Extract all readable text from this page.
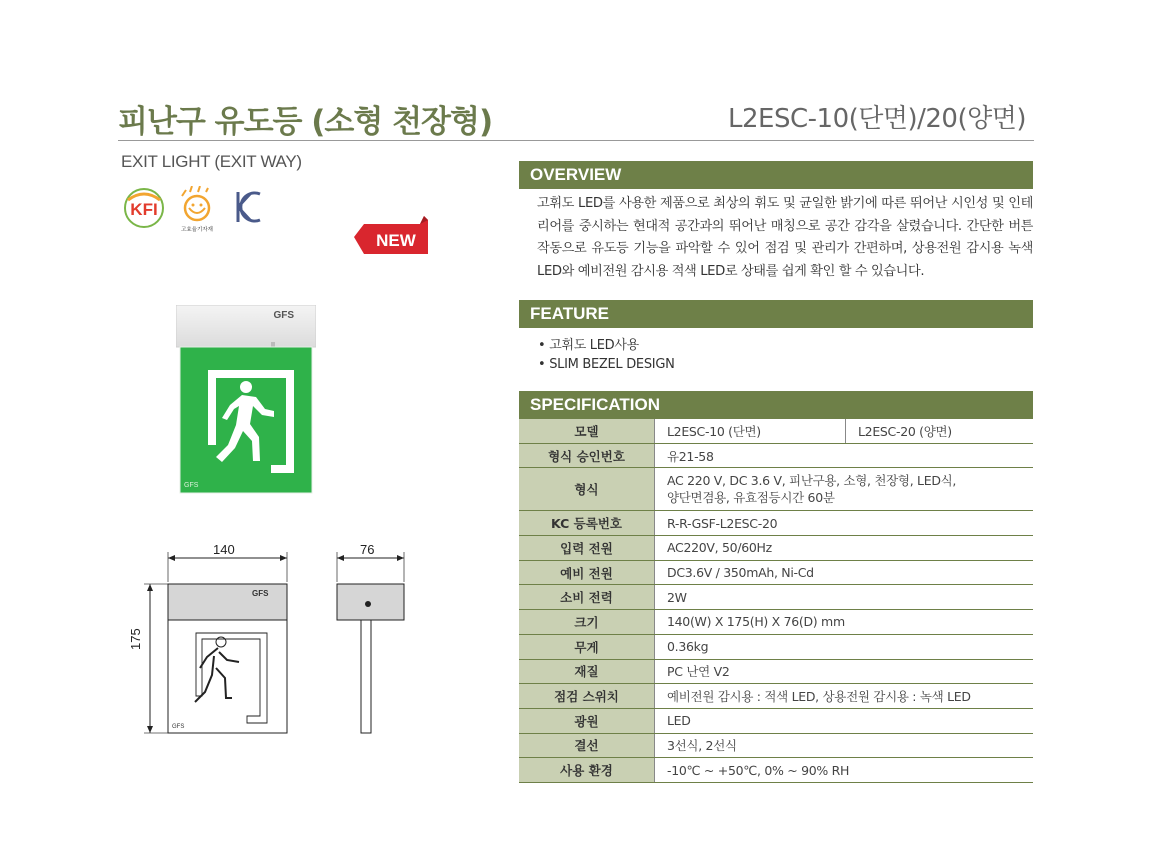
피난구 유도등 (소형 천장형)	L2ESC-10(단면)/20(양면)
EXIT LIGHT (EXIT WAY)
KFI
고효율기자재
NEW
GFS
GFS
GFS
GFS
140
175
76
OVERVIEW
고휘도 LED를 사용한 제품으로 최상의 휘도 및 균일한 밝기에 따른 뛰어난 시인성 및 인테리어를 중시하는 현대적 공간과의 뛰어난 매칭으로 공간 감각을 살렸습니다. 간단한 버튼 작동으로 유도등 기능을 파악할 수 있어 점검 및 관리가 간편하며, 상용전원 감시용 녹색 LED와 예비전원 감시용 적색 LED로 상태를 쉽게 확인 할 수 있습니다.
FEATURE
• 고휘도 LED사용
• SLIM BEZEL DESIGN
SPECIFICATION
모델	L2ESC-10 (단면)	L2ESC-20 (양면)
형식 승인번호	유21-58	
형식	AC 220 V, DC 3.6 V, 피난구용, 소형, 천장형, LED식,
양단면겸용, 유효점등시간 60분	

KC 등록번호	R-R-GSF-L2ESC-20	
입력 전원	AC220V, 50/60Hz	
예비 전원	DC3.6V / 350mAh, Ni-Cd	
소비 전력	2W	
크기	140(W) X 175(H) X 76(D) mm	
무게	0.36kg	
재질	PC 난연 V2	
점검 스위치	예비전원 감시용 : 적색 LED, 상용전원 감시용 : 녹색 LED	
광원	LED	
결선	3선식, 2선식	
사용 환경	-10℃ ~ +50℃, 0% ~ 90% RH	
